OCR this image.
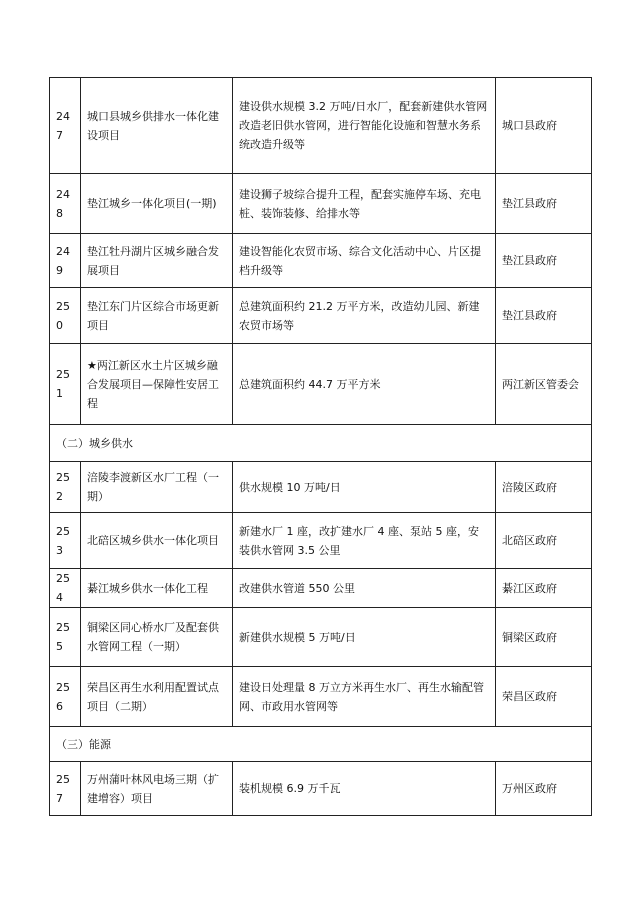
247	城口县城乡供排水一体化建设项目	建设供水规模 3.2 万吨/日水厂，配套新建供水管网改造老旧供水管网，进行智能化设施和智慧水务系统改造升级等	城口县政府
248	垫江城乡一体化项目(一期)	建设狮子坡综合提升工程，配套实施停车场、充电桩、装饰装修、给排水等	垫江县政府
249	垫江牡丹湖片区城乡融合发展项目	建设智能化农贸市场、综合文化活动中心、片区提档升级等	垫江县政府
250	垫江东门片区综合市场更新项目	总建筑面积约 21.2 万平方米，改造幼儿园、新建农贸市场等	垫江县政府
251	★两江新区水土片区城乡融合发展项目—保障性安居工程	总建筑面积约 44.7 万平方米	两江新区管委会
（二）城乡供水			
252	涪陵李渡新区水厂工程（一期）	供水规模 10 万吨/日	涪陵区政府
253	北碚区城乡供水一体化项目	新建水厂 1 座，改扩建水厂 4 座、泵站 5 座，安装供水管网 3.5 公里	北碚区政府
254	綦江城乡供水一体化工程	改建供水管道 550 公里	綦江区政府
255	铜梁区同心桥水厂及配套供水管网工程（一期）	新建供水规模 5 万吨/日	铜梁区政府
256	荣昌区再生水利用配置试点项目（二期）	建设日处理量 8 万立方米再生水厂、再生水输配管网、市政用水管网等	荣昌区政府
（三）能源			
257	万州蒲叶林风电场三期（扩建增容）项目	装机规模 6.9 万千瓦	万州区政府
